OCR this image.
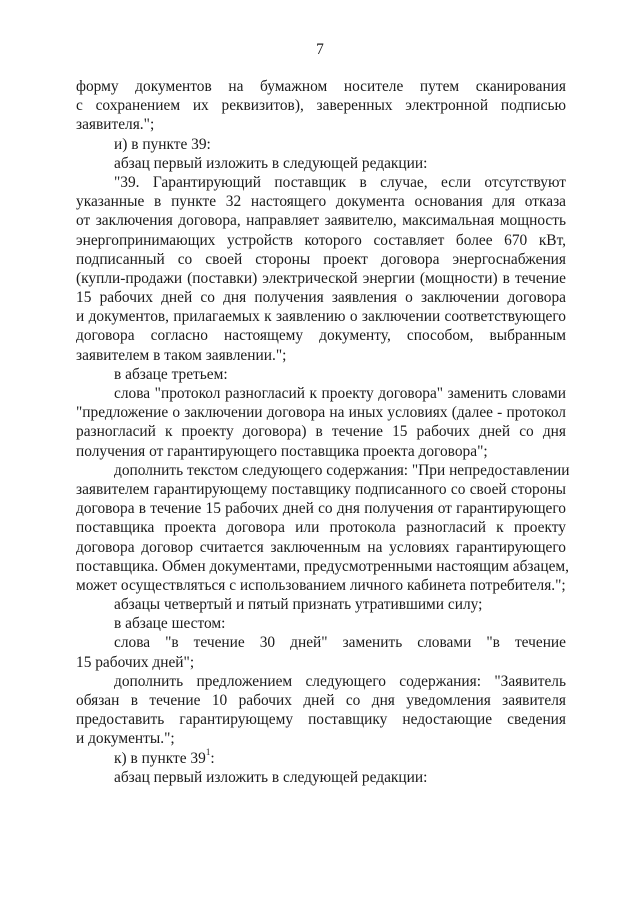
7
форму документов на бумажном носителе путем сканирования
с сохранением их реквизитов), заверенных электронной подписью
заявителя.";
и) в пункте 39:
абзац первый изложить в следующей редакции:
"39. Гарантирующий поставщик в случае, если отсутствуют
указанные в пункте 32 настоящего документа основания для отказа
от заключения договора, направляет заявителю, максимальная мощность
энергопринимающих устройств которого составляет более 670 кВт,
подписанный со своей стороны проект договора энергоснабжения
(купли-продажи (поставки) электрической энергии (мощности) в течение
15 рабочих дней со дня получения заявления о заключении договора
и документов, прилагаемых к заявлению о заключении соответствующего
договора согласно настоящему документу, способом, выбранным
заявителем в таком заявлении.";
в абзаце третьем:
слова "протокол разногласий к проекту договора" заменить словами
"предложение о заключении договора на иных условиях (далее - протокол
разногласий к проекту договора) в течение 15 рабочих дней со дня
получения от гарантирующего поставщика проекта договора";
дополнить текстом следующего содержания: "При непредоставлении
заявителем гарантирующему поставщику подписанного со своей стороны
договора в течение 15 рабочих дней со дня получения от гарантирующего
поставщика проекта договора или протокола разногласий к проекту
договора договор считается заключенным на условиях гарантирующего
поставщика. Обмен документами, предусмотренными настоящим абзацем,
может осуществляться с использованием личного кабинета потребителя.";
абзацы четвертый и пятый признать утратившими силу;
в абзаце шестом:
слова "в течение 30 дней" заменить словами "в течение
15 рабочих дней";
дополнить предложением следующего содержания: "Заявитель
обязан в течение 10 рабочих дней со дня уведомления заявителя
предоставить гарантирующему поставщику недостающие сведения
и документы.";
к) в пункте $39^1$:
абзац первый изложить в следующей редакции:
